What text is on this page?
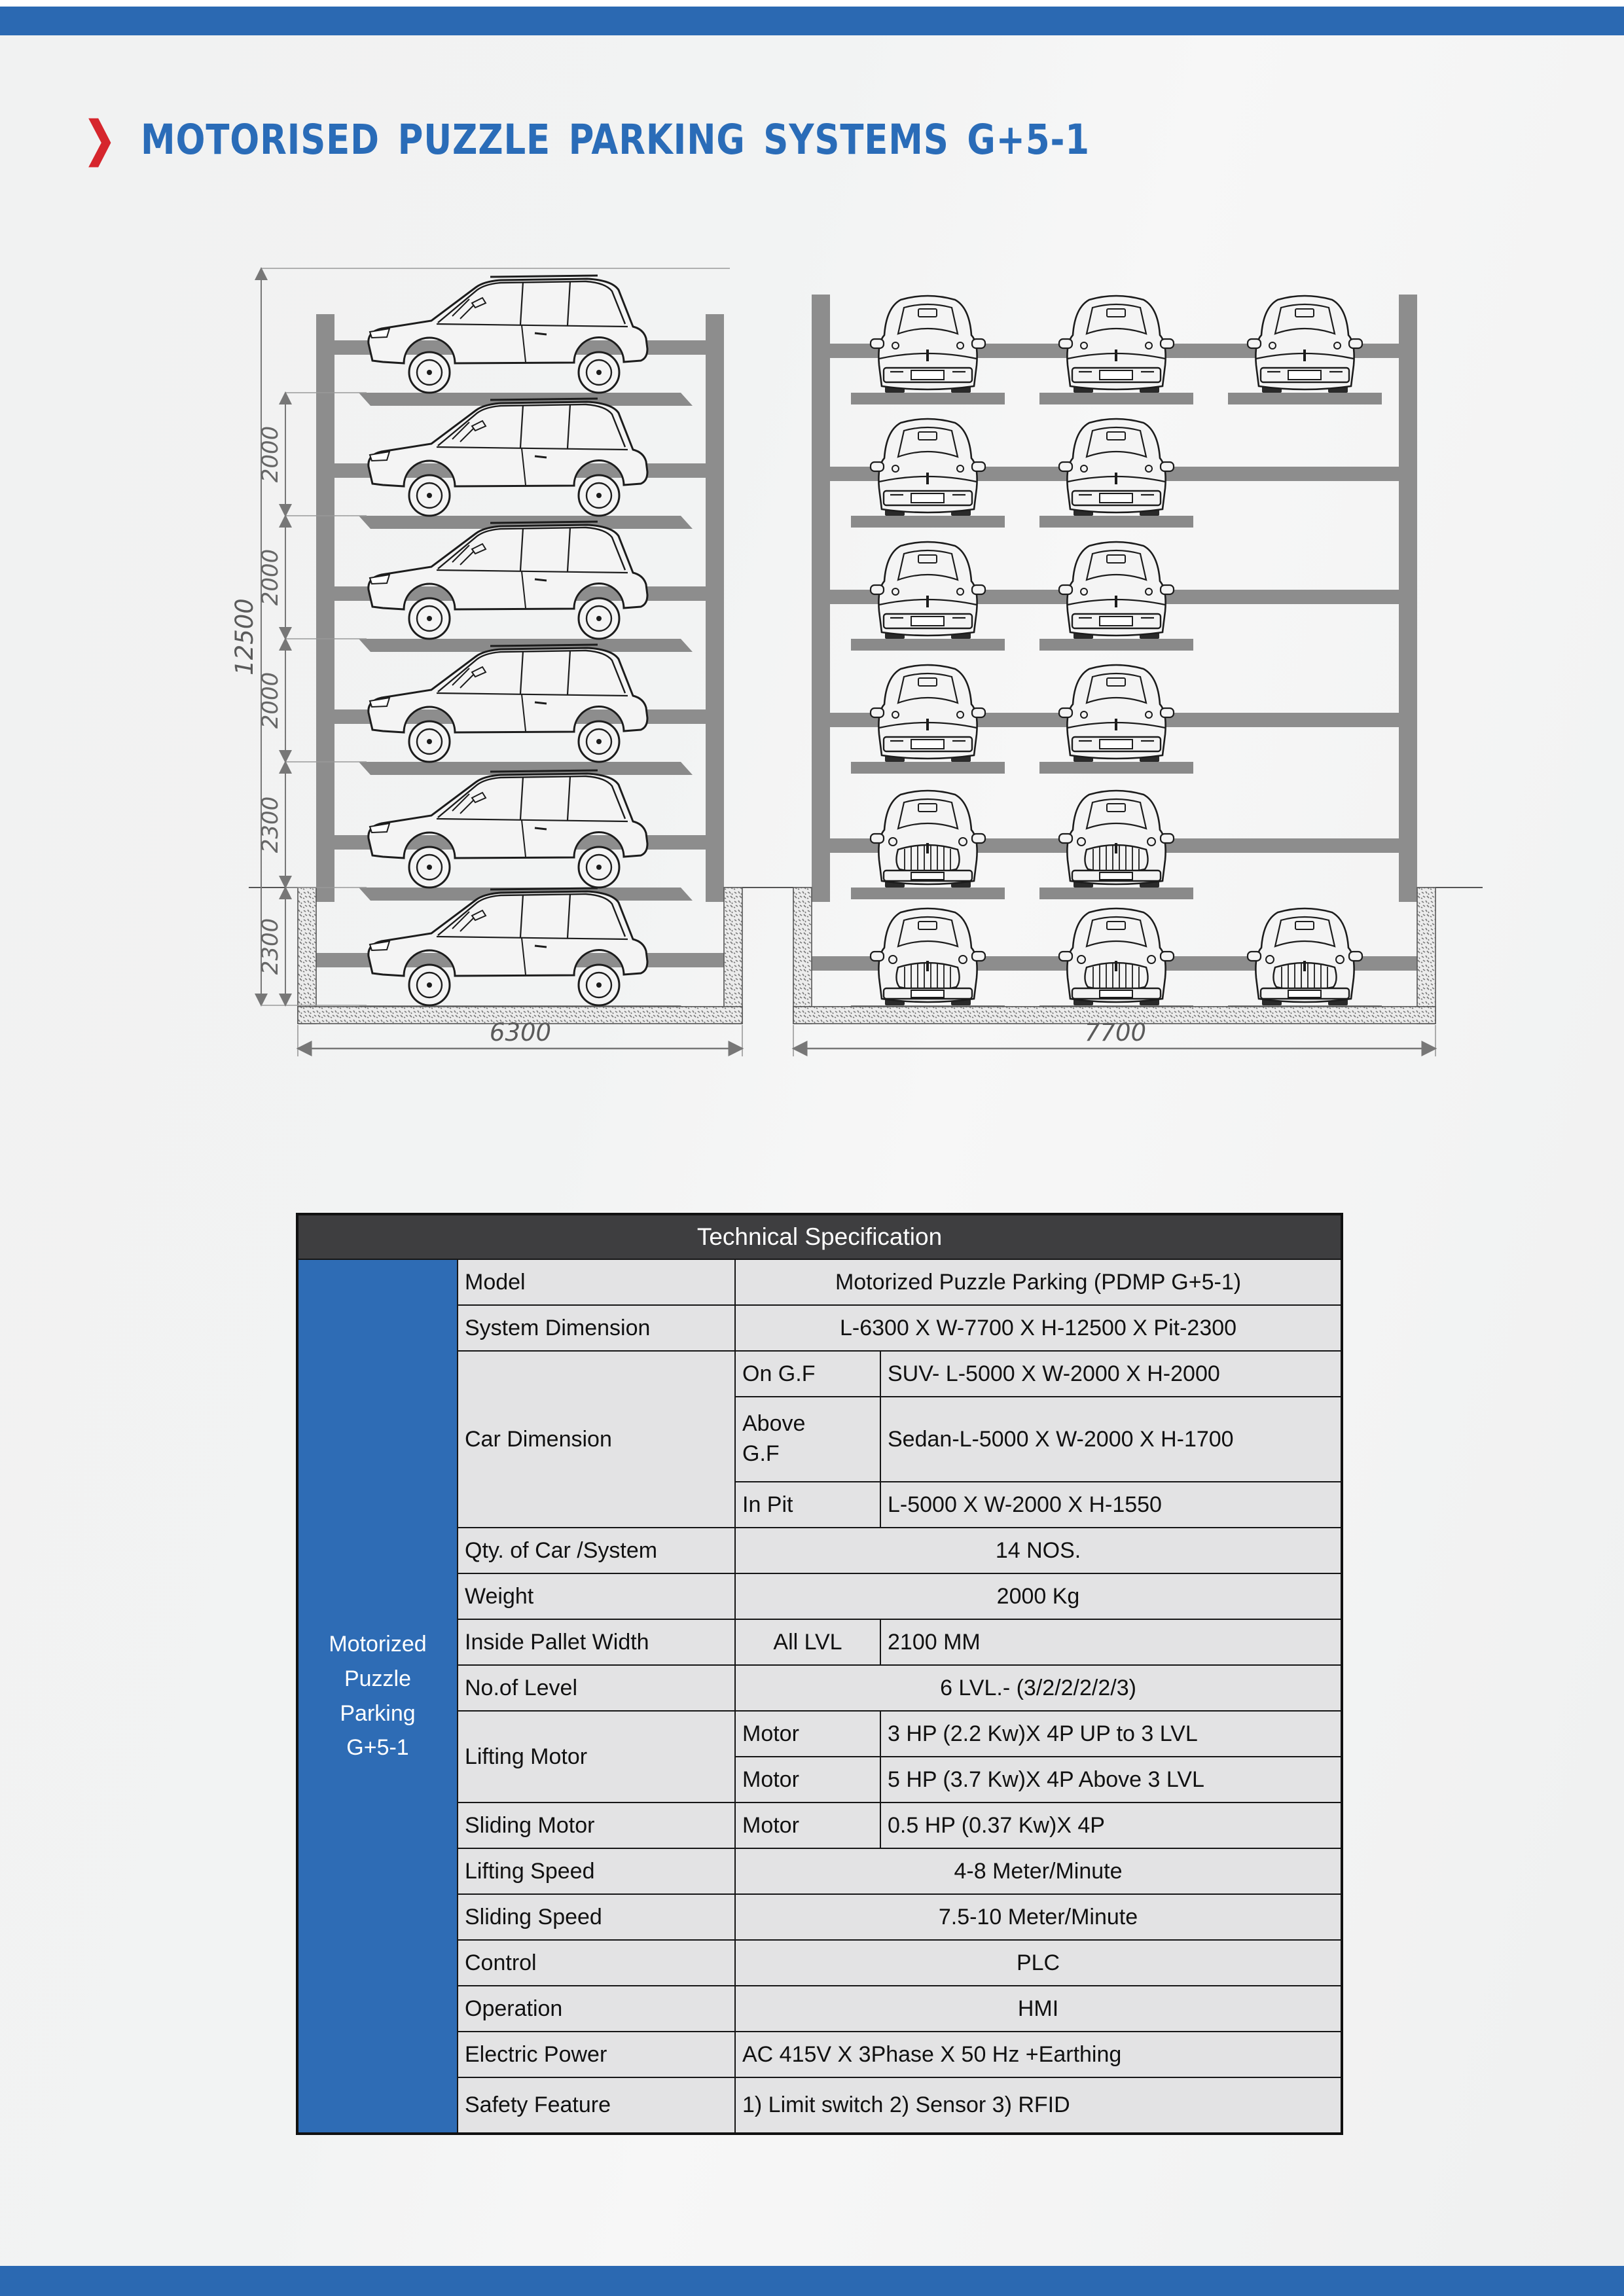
❯ MOTORISED PUZZLE PARKING SYSTEMS G+5-1
12500
2000
2000
2000
2300
2300
6300	7700
Technical Specification			

Motorized
Puzzle
Parking
G+5-1	Model	Motorized Puzzle Parking (PDMP G+5-1)	
	System Dimension	L-6300 X W-7700 X H-12500 X Pit-2300	
	Car Dimension	On G.F	SUV- L-5000 X W-2000 X H-2000
		Above G.F	Sedan-L-5000 X W-2000 X H-1700
		In Pit	L-5000 X W-2000 X H-1550
	Qty. of Car /System	14 NOS.	
	Weight	2000 Kg	
	Inside Pallet Width	All LVL	2100 MM
	No.of Level	6 LVL.- (3/2/2/2/2/3)	
	Lifting Motor	Motor	3 HP (2.2 Kw)X 4P UP to 3 LVL
		Motor	5 HP (3.7 Kw)X 4P Above 3 LVL
	Sliding Motor	Motor	0.5 HP (0.37 Kw)X 4P
	Lifting Speed	4-8 Meter/Minute	
	Sliding Speed	7.5-10 Meter/Minute	
	Control	PLC	
	Operation	HMI	
	Electric Power	AC 415V X 3Phase X 50 Hz +Earthing	
	Safety Feature	1) Limit switch 2) Sensor 3) RFID	
